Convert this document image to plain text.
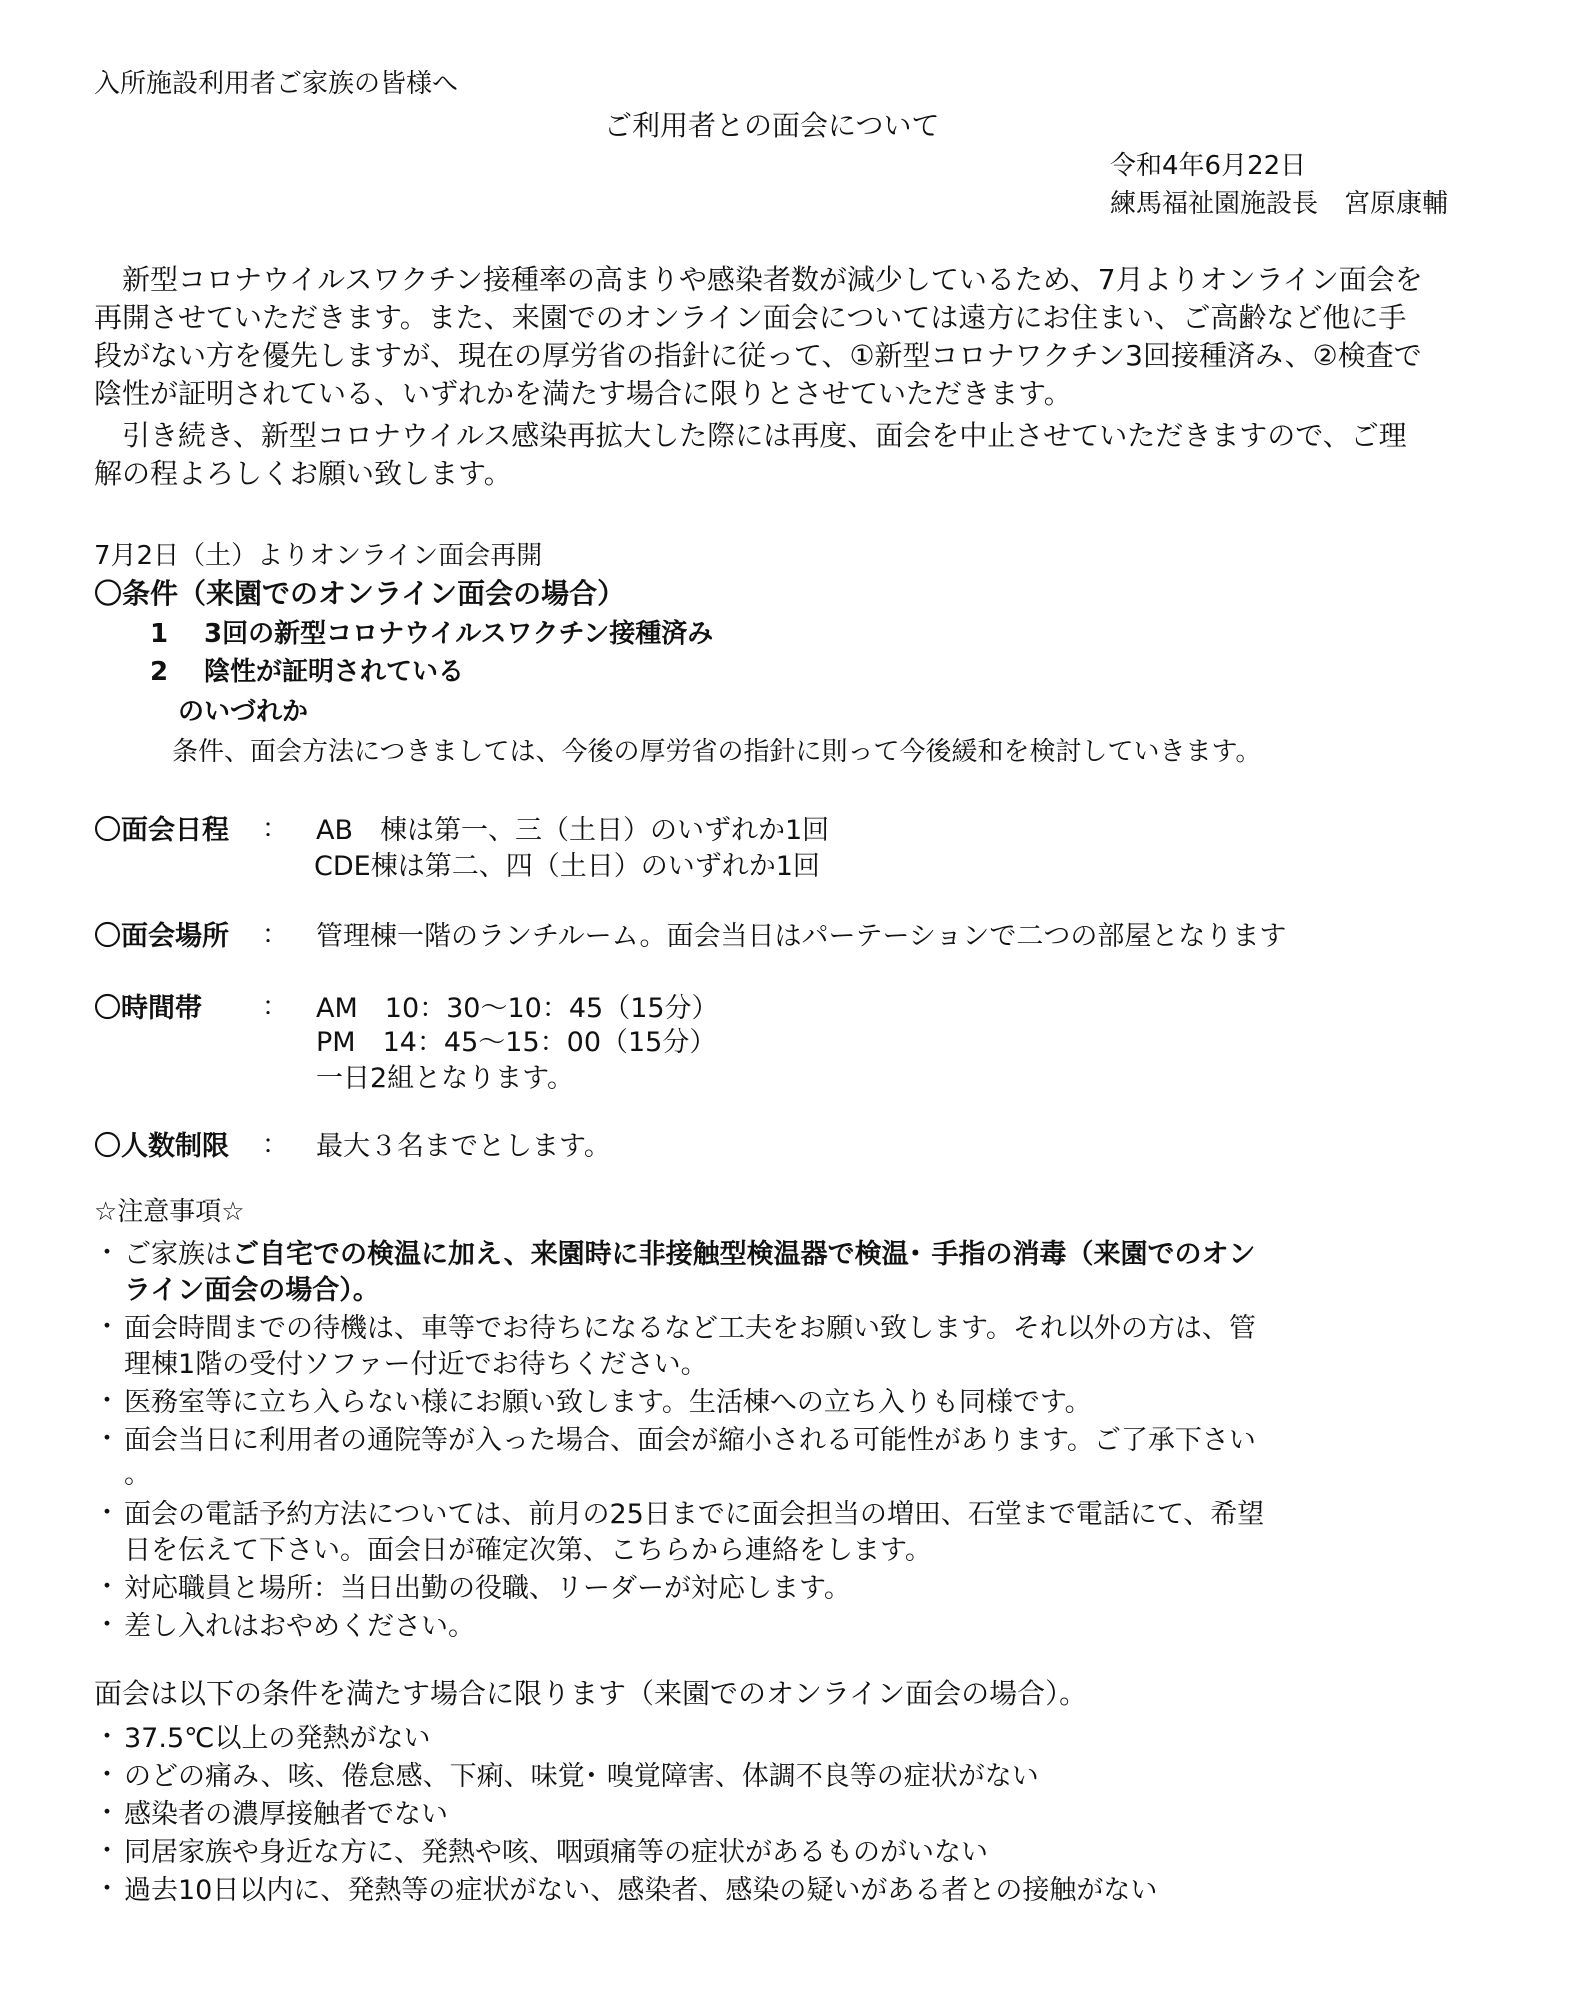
入所施設利用者ご家族の皆様へ
ご利用者との面会について
令和4年6月22日
練馬福祉園施設長　宮原康輔
新型コロナウイルスワクチン接種率の高まりや感染者数が減少しているため、7月よりオンライン面会を
再開させていただきます。また、来園でのオンライン面会については遠方にお住まい、ご高齢など他に手
段がない方を優先しますが、現在の厚労省の指針に従って、①新型コロナワクチン3回接種済み、②検査で
陰性が証明されている、いずれかを満たす場合に限りとさせていただきます。
引き続き、新型コロナウイルス感染再拡大した際には再度、面会を中止させていただきますので、ご理
解の程よろしくお願い致します。
7月2日（土）よりオンライン面会再開
〇条件（来園でのオンライン面会の場合）
1 3回の新型コロナウイルスワクチン接種済み
2 陰性が証明されている
のいづれか
条件、面会方法につきましては、今後の厚労省の指針に則って今後緩和を検討していきます。
〇面会日程 ： AB　棟は第一、三（土日）のいずれか1回
CDE棟は第二、四（土日）のいずれか1回
〇面会場所 ： 管理棟一階のランチルーム。面会当日はパーテーションで二つの部屋となります
〇時間帯 ： AM　10：30～10：45（15分）
PM　14：45～15：00（15分）
一日2組となります。
〇人数制限 ： 最大３名までとします。
☆注意事項☆
・ ご家族はご自宅での検温に加え、来園時に非接触型検温器で検温･ 手指の消毒（来園でのオン
ライン面会の場合）。
・ 面会時間までの待機は、車等でお待ちになるなど工夫をお願い致します。それ以外の方は、管
理棟1階の受付ソファー付近でお待ちください。
・ 医務室等に立ち入らない様にお願い致します。生活棟への立ち入りも同様です。
・ 面会当日に利用者の通院等が入った場合、面会が縮小される可能性があります。ご了承下さい
。
・ 面会の電話予約方法については、前月の25日までに面会担当の増田、石堂まで電話にて、希望
日を伝えて下さい。面会日が確定次第、こちらから連絡をします。
・ 対応職員と場所：当日出勤の役職、リーダーが対応します。
・ 差し入れはおやめください。
面会は以下の条件を満たす場合に限ります（来園でのオンライン面会の場合）。
・ 37.5℃以上の発熱がない
・ のどの痛み、咳、倦怠感、下痢、味覚･ 嗅覚障害、体調不良等の症状がない
・ 感染者の濃厚接触者でない
・ 同居家族や身近な方に、発熱や咳、咽頭痛等の症状があるものがいない
・ 過去10日以内に、発熱等の症状がない、感染者、感染の疑いがある者との接触がない
